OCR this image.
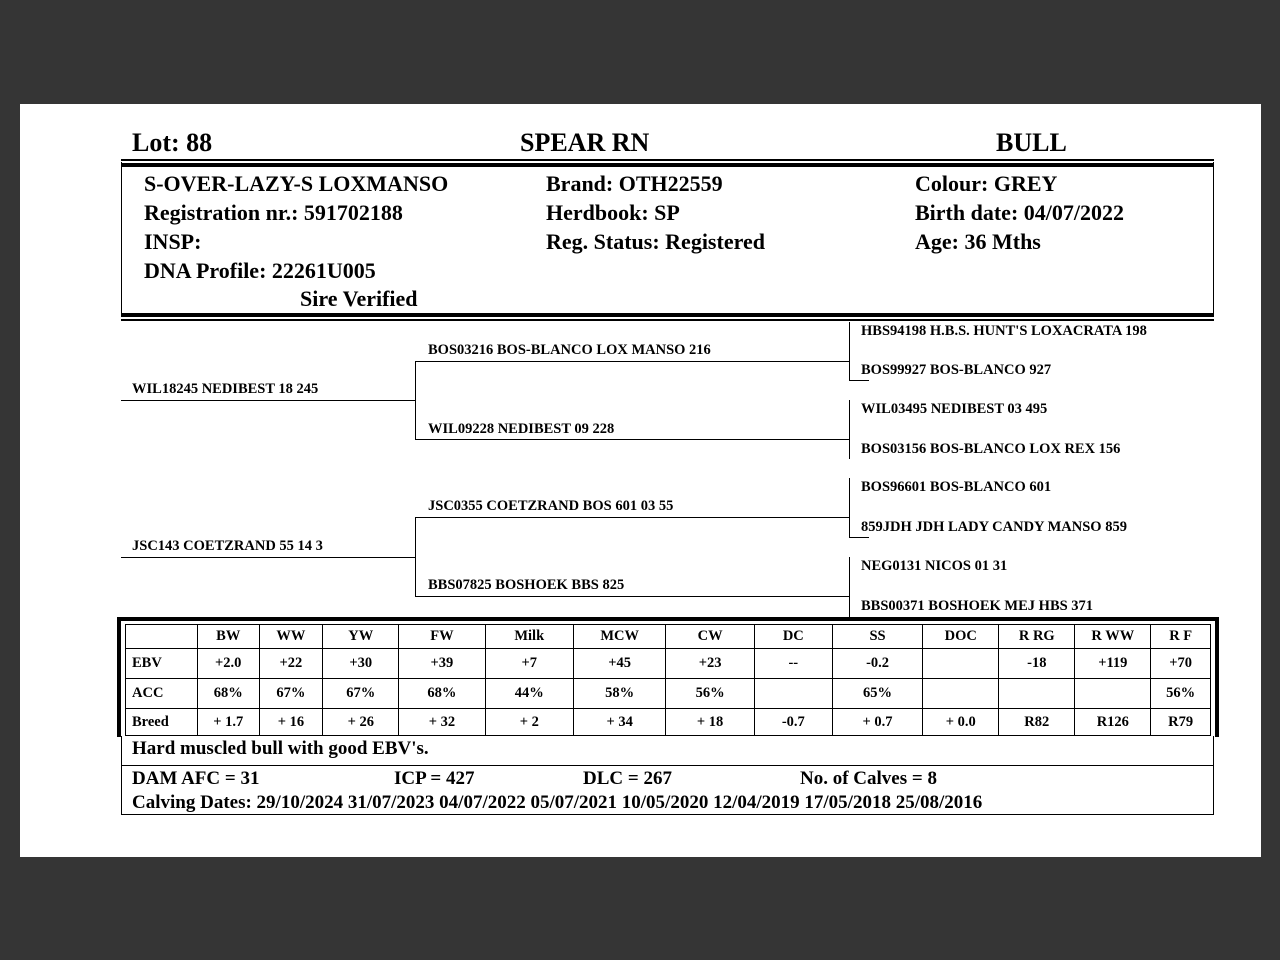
Lot: 88	SPEAR RN	BULL
S-OVER-LAZY-S LOXMANSO
Registration nr.: 591702188
INSP:
DNA Profile: 22261U005
Sire Verified
Brand: OTH22559
Herdbook: SP
Reg. Status: Registered
Colour: GREY
Birth date: 04/07/2022
Age: 36 Mths
WIL18245 NEDIBEST 18 245
JSC143 COETZRAND 55 14 3
BOS03216 BOS-BLANCO LOX MANSO 216
WIL09228 NEDIBEST 09 228
JSC0355 COETZRAND BOS 601 03 55
BBS07825 BOSHOEK BBS 825
HBS94198 H.B.S. HUNT'S LOXACRATA 198
BOS99927 BOS-BLANCO 927
WIL03495 NEDIBEST 03 495
BOS03156 BOS-BLANCO LOX REX 156
BOS96601 BOS-BLANCO 601
859JDH JDH LADY CANDY MANSO 859
NEG0131 NICOS 01 31
BBS00371 BOSHOEK MEJ HBS 371
	BW	WW	YW	FW	Milk	MCW	CW	DC	SS	DOC	R RG	R WW	R F
EBV	+2.0	+22	+30	+39	+7	+45	+23	--	-0.2		-18	+119	+70
ACC	68%	67%	67%	68%	44%	58%	56%		65%				56%
Breed	+ 1.7	+ 16	+ 26	+ 32	+ 2	+ 34	+ 18	-0.7	+ 0.7	+ 0.0	R82	R126	R79
Hard muscled bull with good EBV's.
DAM AFC = 31	ICP = 427	DLC = 267	No. of Calves = 8
Calving Dates: 29/10/2024 31/07/2023 04/07/2022 05/07/2021 10/05/2020 12/04/2019 17/05/2018 25/08/2016
